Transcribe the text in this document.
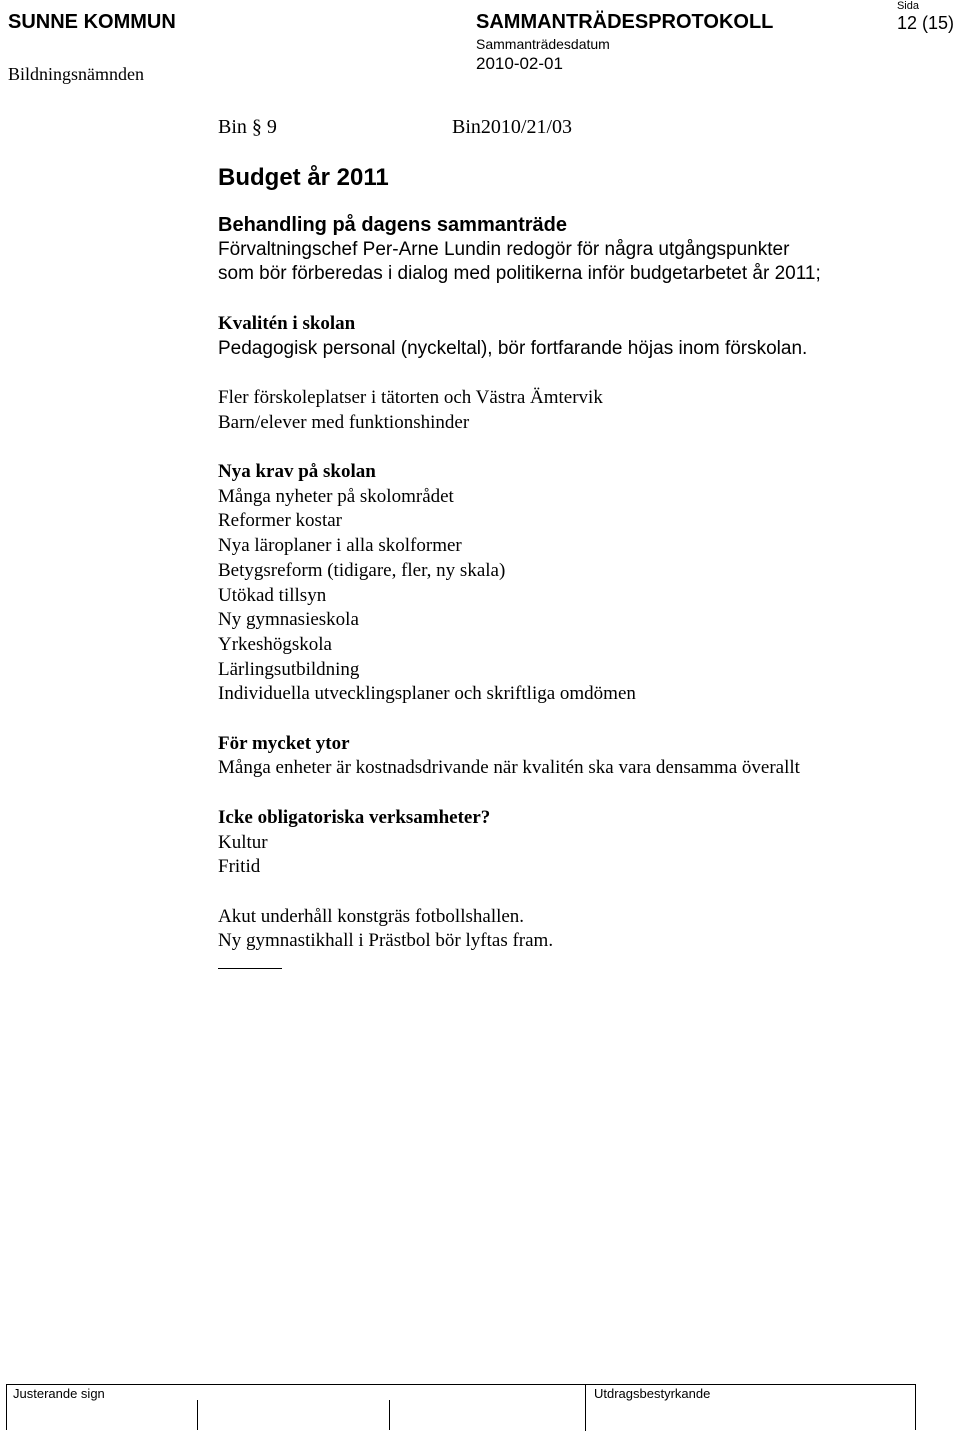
SUNNE KOMMUN
Bildningsnämnden
SAMMANTRÄDESPROTOKOLL
Sammanträdesdatum
2010-02-01
Sida
12 (15)
Bin § 9	Bin2010/21/03
Budget år 2011
Behandling på dagens sammanträde
Förvaltningschef Per-Arne Lundin redogör för några utgångspunkter
som bör förberedas i dialog med politikerna inför budgetarbetet år 2011;
Kvalitén i skolan
Pedagogisk personal (nyckeltal), bör fortfarande höjas inom förskolan.
Fler förskoleplatser i tätorten och Västra Ämtervik
Barn/elever med funktionshinder
Nya krav på skolan
Många nyheter på skolområdet
Reformer kostar
Nya läroplaner i alla skolformer
Betygsreform (tidigare, fler, ny skala)
Utökad tillsyn
Ny gymnasieskola
Yrkeshögskola
Lärlingsutbildning
Individuella utvecklingsplaner och skriftliga omdömen
För mycket ytor
Många enheter är kostnadsdrivande när kvalitén ska vara densamma överallt
Icke obligatoriska verksamheter?
Kultur
Fritid
Akut underhåll konstgräs fotbollshallen.
Ny gymnastikhall i Prästbol bör lyftas fram.
Justerande sign	Utdragsbestyrkande
